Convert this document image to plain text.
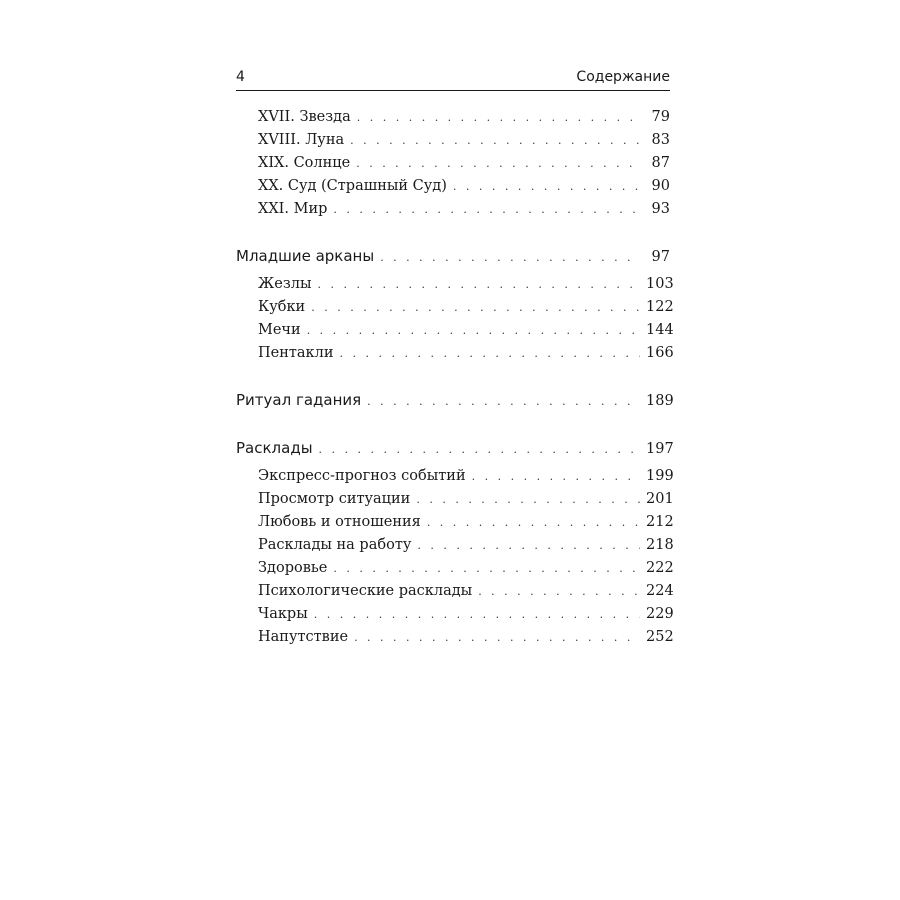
4	Содержание
XVII. Звезда . . .	79
XVIII. Луна . . .	83
XIX. Солнце . . .	87
XX. Суд (Страшный Суд) . . .	90
XXI. Мир . . .	93
Младшие арканы . . .	97
Жезлы . . .	103
Кубки . . .	122
Мечи . . .	144
Пентакли . . .	166
Ритуал гадания . . .	189
Расклады . . .	197
Экспресс-прогноз событий . . .	199
Просмотр ситуации . . .	201
Любовь и отношения . . .	212
Расклады на работу . . .	218
Здоровье . . .	222
Психологические расклады . . .	224
Чакры . . .	229
Напутствие . . .	252
